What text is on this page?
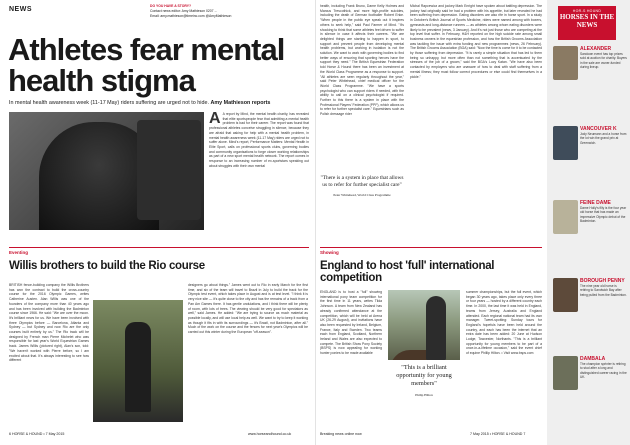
NEWS	DO YOU HAVE A STORY?
Contact news editor: Amy Mathieson 0207 ...
Email: amy.mathieson@timeinc.com @AmyMathieson
Athletes fear mental health stigma
In mental health awareness week (11-17 May) riders suffering are urged not to hide. Amy Mathieson reports
A A report by Mind, the mental health charity, has revealed that elite sportspeople fear that admitting a mental health problem is bad for their career. The report was found that professional athletes conceive struggling in silence, because they are afraid that asking for help with a mental health problem, in mental health awareness week (11-17 May) riders are urged not to suffer alone. Mind's report, Performance Matters: Mental Health in Elite Sport, calls on professional sports clubs, governing bodies and community organisations to forge closer working relationships as part of a new sport mental health network. The report comes in response to an increasing number of ex-sportstars speaking out about struggles with their own mental
health, including Frank Bruno, Dame Kelly Holmes and Marcus Trescothick, and more high-profile suicides, including the death of German footballer Robert Enke. "When people in the public eye speak out it inspires others to seek help," said Paul Farmer of Mind. "It's shocking to think that some athletes feel driven to suffer in silence in case it affects their careers. "We are delighted things are starting to happen in sport, to support and prevent people from developing mental health problems, but working in isolation is not the solution. We want to work with governing bodies to find better ways of ensuring that sporting heroes have the support they need." The British Equestrian Federation told Horse & Hound there has been an investment at the World Class Programme as a response to support. "All athletes are seen regularly throughout the year," said Peter Whitehead, chief medical officer for the World Class Programme. "We have a sports psychologist who can support riders if needed, with the ability to call on a clinical psychologist if required. Further to this there is a system in place with the Professional Players' Federation (PPF), which allows us to refer for further specialist care." Equestrians such as Polish dressage rider
"There is a system in place that allows us to refer for further specialist care"
Peter Whitehead, World Class Programme
Michal Rapcewicz and jockey Mark Enright have spoken about battling depression. The jockey had originally said he had a problem with his appetite, but later revealed he had been suffering from depression. Eating disorders are also rife in horse sport. In a study in October's British Journal of Sports Medicine, riders were named among with boxers, gymnasts and long-distance runners — as athletes among whom eating disorders were likely to be prevalent (news, 3 January). And it's not just those who are competing at the top level that suffer. In February, H&H reported on the high suicide rate among small business owners in the equestrian profession, and how the British Grooms Association was tackling the issue with extra funding and new programmes (news, 26 February). The British Grooms Association (BGA) said: "Now the time is come for it to be contacted by those suffering from depression. "It is rarely a simple situation that has led to them being so unhappy, but more often than not something that is accentuated by the stresses of the job of a groom," said the BGA's Lucy Katan. "We have also been contacted by employers who are unaware of how to deal with staff suffering from a mental illness; they must follow correct procedures or else could find themselves in a pickle."
Eventing
Willis brothers to build the Rio course
BRITISH fence-building company the Willis Brothers has won the contract to build the cross-country course for the 2016 Olympic Games, writes Catherine Austen. Alan Willis was one of the founders of the company more than 40 years ago and has been involved with building the Badminton course since 1966. He said: "We are over the moon. It's brilliant news for us. We have been involved with three Olympics before — Barcelona, Atlanta and Sydney — but Sydney and now Rio are the only courses built entirely by us." The Rio track will be designed by French man Pierre Michelet who was responsible for last year's World Equestrian Games track. James Willis (pictured right), Alan's son, told: "We haven't worked with Pierre before, so I am excited about that. It's always interesting to see how different
designers go about things." James went out to Rio in early March for the first time, and six of the team will travel to Brazil in July to build the track for the Olympic test event, which takes place in August and is at test level. "I think it is very nice site — it's quite close to the city and has the remains of a track from a Pan Am Games there. It has gentle undulations, and I think there will be plenty of room, with lots of trees. The viewing should be very good for spectators as well," said James. He added: "We are trying to source as much material as possible locally, and will use local help as well. We want to try to keep it working as though it fits in with its surroundings — it's Brazil, not Badminton, after all." Much of the work on the course and the fences for next year's Olympics will be carried out this winter during the European "off-season".
6 HORSE & HOUND • 7 May 2015	www.horseandhound.co.uk
Showing
England to host 'full' international competition
ENGLAND is to host a "full" showing international pony team competition for the first time in 11 years, writes Tilda Johnson. A team from New Zealand has already confirmed attendance at the competition, which will be held at Arena UK (26-29 August), and invitations have also been requested by Ireland, Belgium, France, Italy and Sweden. Two teams each from England, Scotland, Northern Ireland and Wales are also expected to compete. The British Show Pony Society (BSPS) is now appealing for working hunter ponies to be made available
summer championships, but the full event, which began 30 years ago, takes place only every three or four years — hosted by a different country each time. In 2000, the last time it was held in England, teams from Jersey, Australia and England attended. Each regional national team had its own manager. Tweet-spotting: Sunday tours for England's hopefuls have been held around the country, and each has been the internet that an extra date has been added: 20 June at Hudson Lodge, Towcester, Northants. "This is a brilliant opportunity for young members to be part of a once-in-a-lifetime occasion," said the event chief of equine Phillip Hilton. • Visit www.bsps.com
"This is a brilliant opportunity for young members"
Philip Hilton
Breaking news online now	7 May 2015 • HORSE & HOUND 7
HOR-S HOUND
HORSES IN THE NEWS
ALEXANDER
Sandown event has top prizes sold at auction for charity. Buyers in the sale are owner-funded during lineup.
VANCOUVER K
Jody Neumann and a horse from the lot win the grand prix at Greenwich.
FEINE DAME
Dame Holly's filly is the four year old horse that has made an impressive Olympic debut of the Badminton.
BOROUGH PENNY
The nine year old horse is retiring to Sandwich Bay after being pulled from the Badminton.
DAMBALA
The champion sprinter is retiring to stud after a long and distinguished career racing in the UK.
